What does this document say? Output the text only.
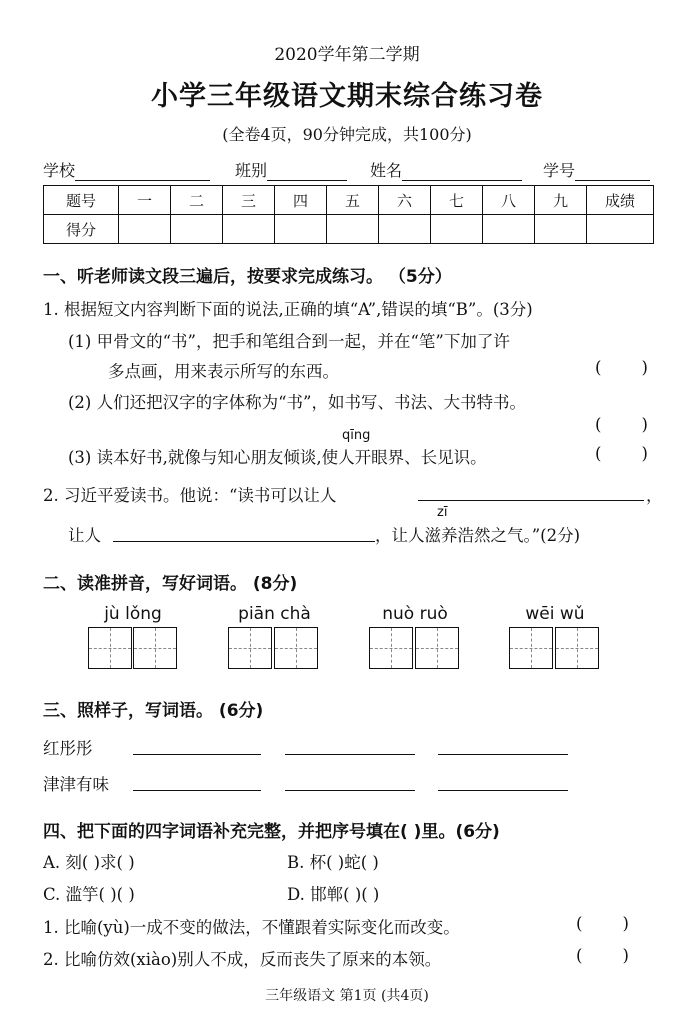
2020学年第二学期
小学三年级语文期末综合练习卷
(全卷4页，90分钟完成，共100分)
学校	班别	姓名	学号
题号	一	二	三	四	五	六	七	八	九	成绩
得分										
一、听老师读文段三遍后，按要求完成练习。 （5分）
1. 根据短文内容判断下面的说法,正确的填“A”,错误的填“B”。(3分)
(1) 甲骨文的“书”，把手和笔组合到一起，并在“笔”下加了许
多点画，用来表示所写的东西。	( )
(2) 人们还把汉字的字体称为“书”，如书写、书法、大书特书。
( )
qīng
(3) 读本好书,就像与知心朋友倾谈,使人开眼界、长见识。	( )
2. 习近平爱读书。他说：“读书可以让人	，
zī
让人	，让人滋养浩然之气。”(2分)
二、读准拼音，写好词语。 (8分)
jù lǒng	piān chà	nuò ruò	wēi wǔ
三、照样子，写词语。 (6分)
红彤彤
津津有味
四、把下面的四字词语补充完整，并把序号填在( )里。(6分)
A. 刻( )求( )	B. 杯( )蛇( )
C. 滥竽( )( )	D. 邯郸( )( )
1. 比喻(yù)一成不变的做法，不懂跟着实际变化而改变。	( )
2. 比喻仿效(xiào)别人不成，反而丧失了原来的本领。	( )
三年级语文 第1页 (共4页)
